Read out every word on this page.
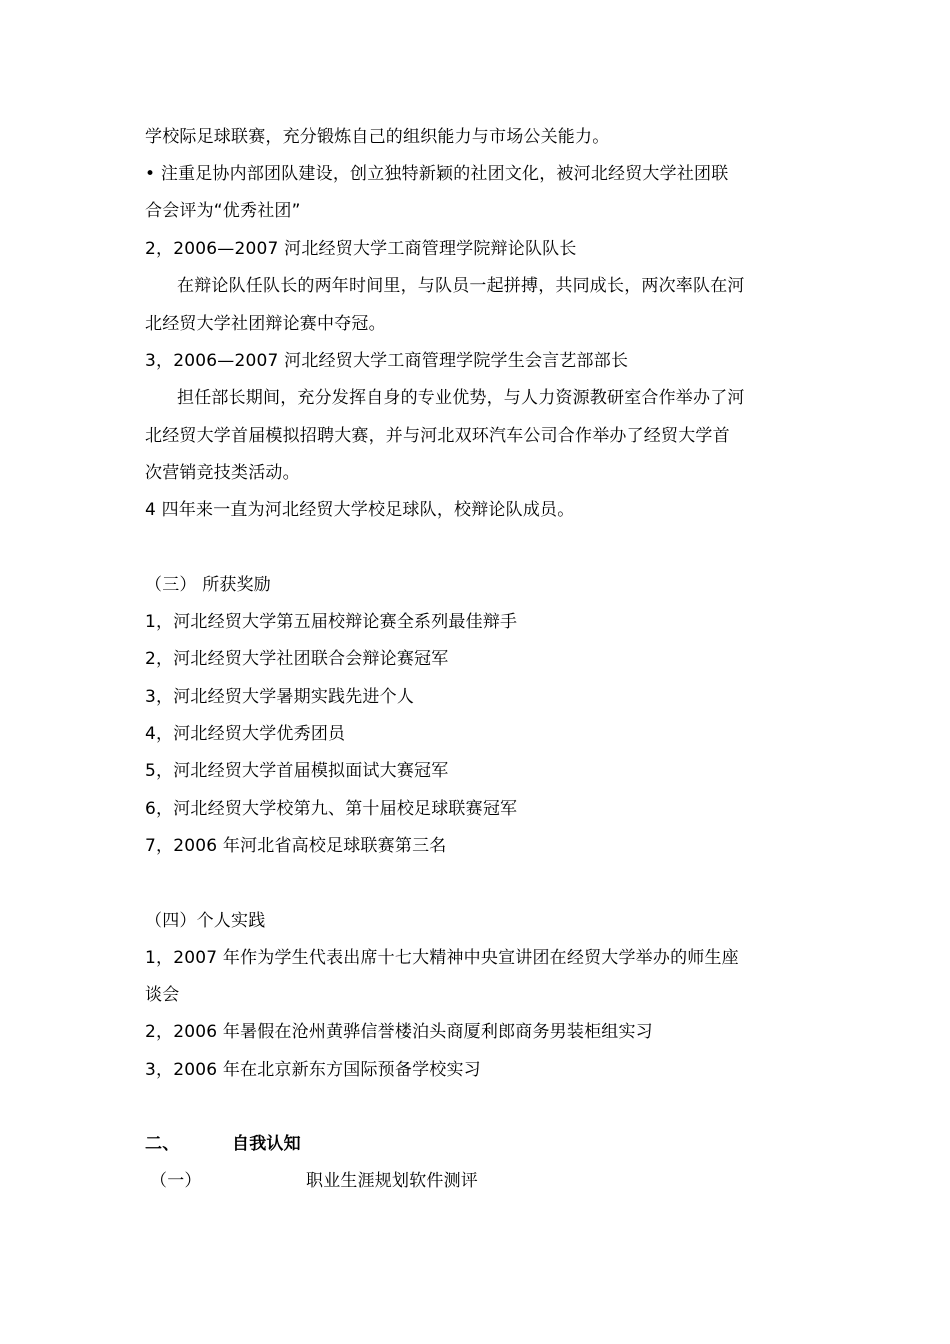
学校际足球联赛，充分锻炼自己的组织能力与市场公关能力。
• 注重足协内部团队建设，创立独特新颖的社团文化，被河北经贸大学社团联
合会评为“优秀社团”
2，2006—2007 河北经贸大学工商管理学院辩论队队长
在辩论队任队长的两年时间里，与队员一起拼搏，共同成长，两次率队在河
北经贸大学社团辩论赛中夺冠。
3，2006—2007 河北经贸大学工商管理学院学生会言艺部部长
担任部长期间，充分发挥自身的专业优势，与人力资源教研室合作举办了河
北经贸大学首届模拟招聘大赛，并与河北双环汽车公司合作举办了经贸大学首
次营销竞技类活动。
4 四年来一直为河北经贸大学校足球队，校辩论队成员。
（三） 所获奖励
1，河北经贸大学第五届校辩论赛全系列最佳辩手
2，河北经贸大学社团联合会辩论赛冠军
3，河北经贸大学暑期实践先进个人
4，河北经贸大学优秀团员
5，河北经贸大学首届模拟面试大赛冠军
6，河北经贸大学校第九、第十届校足球联赛冠军
7，2006 年河北省高校足球联赛第三名
（四）个人实践
1，2007 年作为学生代表出席十七大精神中央宣讲团在经贸大学举办的师生座
谈会
2，2006 年暑假在沧州黄骅信誉楼泊头商厦利郎商务男装柜组实习
3，2006 年在北京新东方国际预备学校实习
二、	自我认知
（一）	职业生涯规划软件测评
